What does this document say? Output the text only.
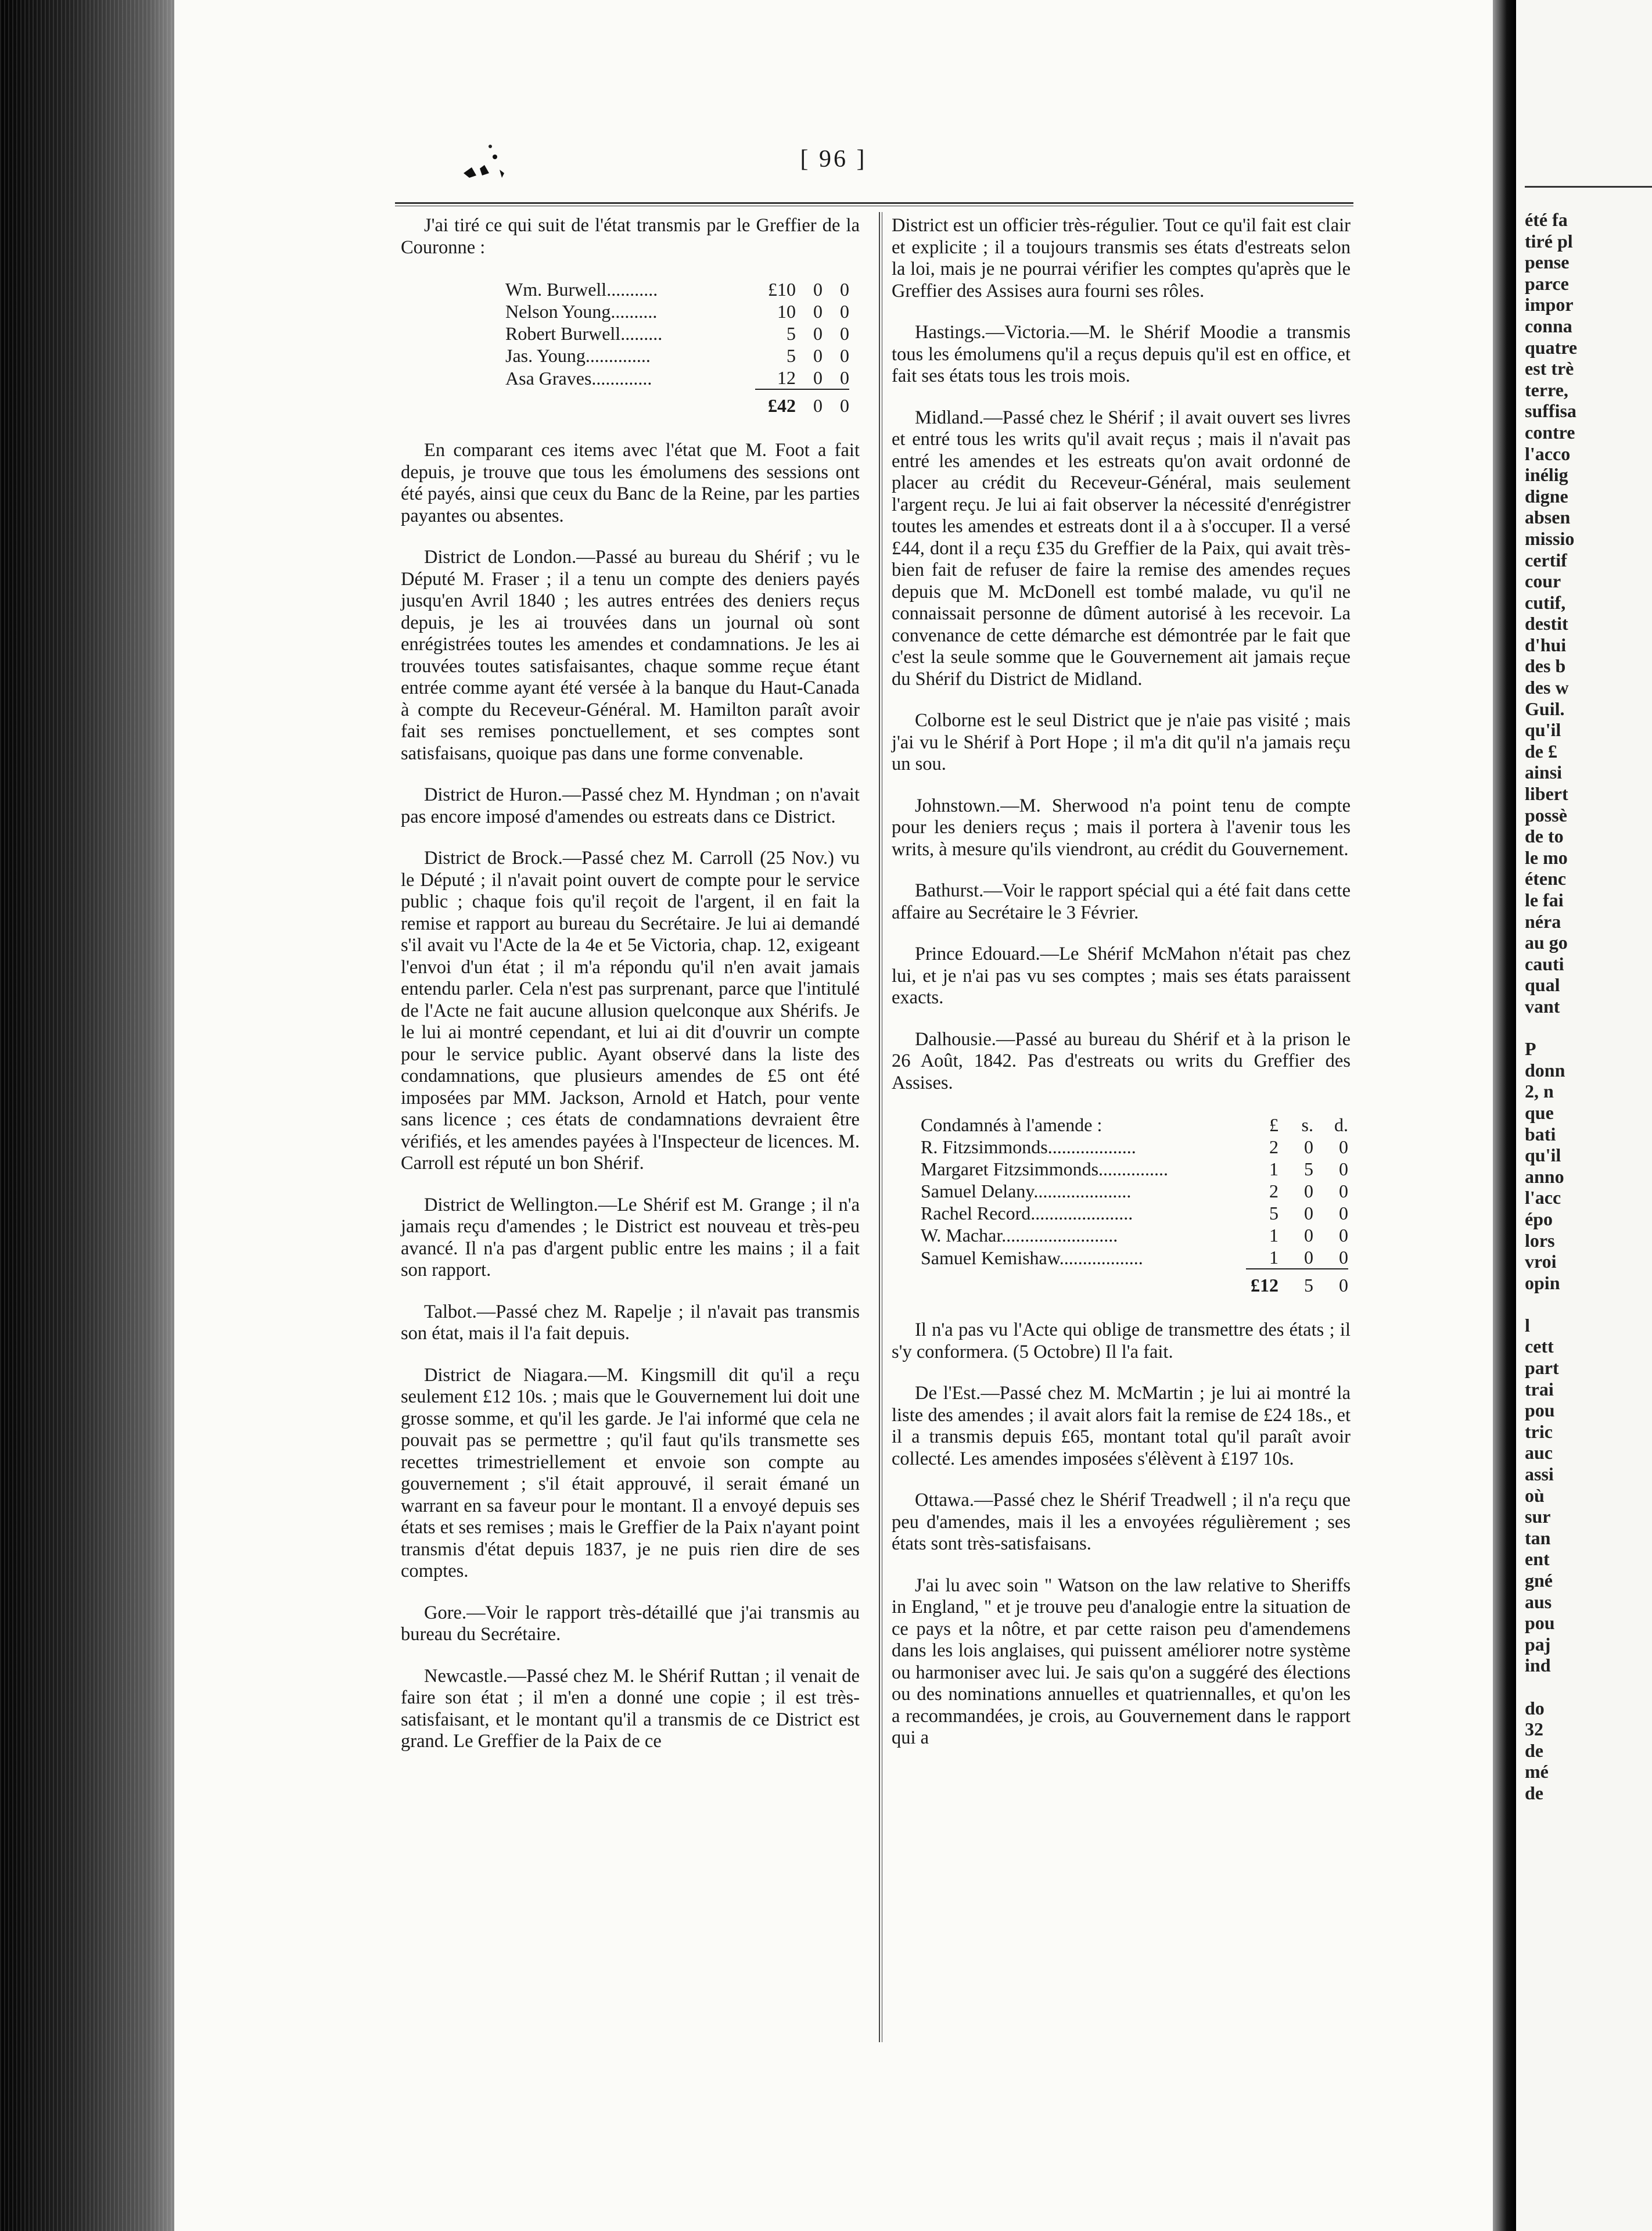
[ 96 ]

J'ai tiré ce qui suit de l'état transmis par le Greffier de la Couronne :

Wm. Burwell...........	£10	0	0
Nelson Young..........	10	0	0
Robert Burwell.........	5	0	0
Jas. Young..............	5	0	0
Asa Graves.............	12	0	0
	£42	0	0

En comparant ces items avec l'état que M. Foot a fait depuis, je trouve que tous les émolumens des sessions ont été payés, ainsi que ceux du Banc de la Reine, par les parties payantes ou absentes.

District de London.—Passé au bureau du Shérif ; vu le Député M. Fraser ; il a tenu un compte des deniers payés jusqu'en Avril 1840 ; les autres entrées des deniers reçus depuis, je les ai trouvées dans un journal où sont enrégistrées toutes les amendes et condamnations. Je les ai trouvées toutes satisfaisantes, chaque somme reçue étant entrée comme ayant été versée à la banque du Haut-Canada à compte du Receveur-Général. M. Hamilton paraît avoir fait ses remises ponctuellement, et ses comptes sont satisfaisans, quoique pas dans une forme convenable.

District de Huron.—Passé chez M. Hyndman ; on n'avait pas encore imposé d'amendes ou estreats dans ce District.

District de Brock.—Passé chez M. Carroll (25 Nov.) vu le Député ; il n'avait point ouvert de compte pour le service public ; chaque fois qu'il reçoit de l'argent, il en fait la remise et rapport au bureau du Secrétaire. Je lui ai demandé s'il avait vu l'Acte de la 4e et 5e Victoria, chap. 12, exigeant l'envoi d'un état ; il m'a répondu qu'il n'en avait jamais entendu parler. Cela n'est pas surprenant, parce que l'intitulé de l'Acte ne fait aucune allusion quelconque aux Shérifs. Je le lui ai montré cependant, et lui ai dit d'ouvrir un compte pour le service public. Ayant observé dans la liste des condamnations, que plusieurs amendes de £5 ont été imposées par MM. Jackson, Arnold et Hatch, pour vente sans licence ; ces états de condamnations devraient être vérifiés, et les amendes payées à l'Inspecteur de licences. M. Carroll est réputé un bon Shérif.

District de Wellington.—Le Shérif est M. Grange ; il n'a jamais reçu d'amendes ; le District est nouveau et très-peu avancé. Il n'a pas d'argent public entre les mains ; il a fait son rapport.

Talbot.—Passé chez M. Rapelje ; il n'avait pas transmis son état, mais il l'a fait depuis.

District de Niagara.—M. Kingsmill dit qu'il a reçu seulement £12 10s. ; mais que le Gouvernement lui doit une grosse somme, et qu'il les garde. Je l'ai informé que cela ne pouvait pas se permettre ; qu'il faut qu'ils transmette ses recettes trimestriellement et envoie son compte au gouvernement ; s'il était approuvé, il serait émané un warrant en sa faveur pour le montant. Il a envoyé depuis ses états et ses remises ; mais le Greffier de la Paix n'ayant point transmis d'état depuis 1837, je ne puis rien dire de ses comptes.

Gore.—Voir le rapport très-détaillé que j'ai transmis au bureau du Secrétaire.

Newcastle.—Passé chez M. le Shérif Ruttan ; il venait de faire son état ; il m'en a donné une copie ; il est très-satisfaisant, et le montant qu'il a transmis de ce District est grand. Le Greffier de la Paix de ce

District est un officier très-régulier. Tout ce qu'il fait est clair et explicite ; il a toujours transmis ses états d'estreats selon la loi, mais je ne pourrai vérifier les comptes qu'après que le Greffier des Assises aura fourni ses rôles.

Hastings.—Victoria.—M. le Shérif Moodie a transmis tous les émolumens qu'il a reçus depuis qu'il est en office, et fait ses états tous les trois mois.

Midland.—Passé chez le Shérif ; il avait ouvert ses livres et entré tous les writs qu'il avait reçus ; mais il n'avait pas entré les amendes et les estreats qu'on avait ordonné de placer au crédit du Receveur-Général, mais seulement l'argent reçu. Je lui ai fait observer la nécessité d'enrégistrer toutes les amendes et estreats dont il a à s'occuper. Il a versé £44, dont il a reçu £35 du Greffier de la Paix, qui avait très-bien fait de refuser de faire la remise des amendes reçues depuis que M. McDonell est tombé malade, vu qu'il ne connaissait personne de dûment autorisé à les recevoir. La convenance de cette démarche est démontrée par le fait que c'est la seule somme que le Gouvernement ait jamais reçue du Shérif du District de Midland.

Colborne est le seul District que je n'aie pas visité ; mais j'ai vu le Shérif à Port Hope ; il m'a dit qu'il n'a jamais reçu un sou.

Johnstown.—M. Sherwood n'a point tenu de compte pour les deniers reçus ; mais il portera à l'avenir tous les writs, à mesure qu'ils viendront, au crédit du Gouvernement.

Bathurst.—Voir le rapport spécial qui a été fait dans cette affaire au Secrétaire le 3 Février.

Prince Edouard.—Le Shérif McMahon n'était pas chez lui, et je n'ai pas vu ses comptes ; mais ses états paraissent exacts.

Dalhousie.—Passé au bureau du Shérif et à la prison le 26 Août, 1842. Pas d'estreats ou writs du Greffier des Assises.

Condamnés à l'amende :	£	s.	d.
R. Fitzsimmonds...................	2	0	0
Margaret Fitzsimmonds...............	1	5	0
Samuel Delany.....................	2	0	0
Rachel Record......................	5	0	0
W. Machar.........................	1	0	0
Samuel Kemishaw..................	1	0	0
	£12	5	0

Il n'a pas vu l'Acte qui oblige de transmettre des états ; il s'y conformera. (5 Octobre) Il l'a fait.

De l'Est.—Passé chez M. McMartin ; je lui ai montré la liste des amendes ; il avait alors fait la remise de £24 18s., et il a transmis depuis £65, montant total qu'il paraît avoir collecté. Les amendes imposées s'élèvent à £197 10s.

Ottawa.—Passé chez le Shérif Treadwell ; il n'a reçu que peu d'amendes, mais il les a envoyées régulièrement ; ses états sont très-satisfaisans.

J'ai lu avec soin " Watson on the law relative to Sheriffs in England, " et je trouve peu d'analogie entre la situation de ce pays et la nôtre, et par cette raison peu d'amendemens dans les lois anglaises, qui puissent améliorer notre système ou harmoniser avec lui. Je sais qu'on a suggéré des élections ou des nominations annuelles et quatriennalles, et qu'on les a recommandées, je crois, au Gouvernement dans le rapport qui a

été fa
tiré pl
pense
parce
impor
conna
quatre
est trè
terre,
suffisa
contre
l'acco
inélig
digne
absen
missio
certif
cour
cutif,
destit
d'hui
des b
des w
Guil.
qu'il
de £
ainsi
libert
possè
de to
le mo
étenc
le fai
néra
au go
cauti
qual
vant
P
donn
2, n
que
bati
qu'il
anno
l'acc
épo
lors
vroi
opin
l
cett
part
trai
pou
tric
auc
assi
où
sur
tan
ent
gné
aus
pou
paj
ind
do
32
de
mé
de
